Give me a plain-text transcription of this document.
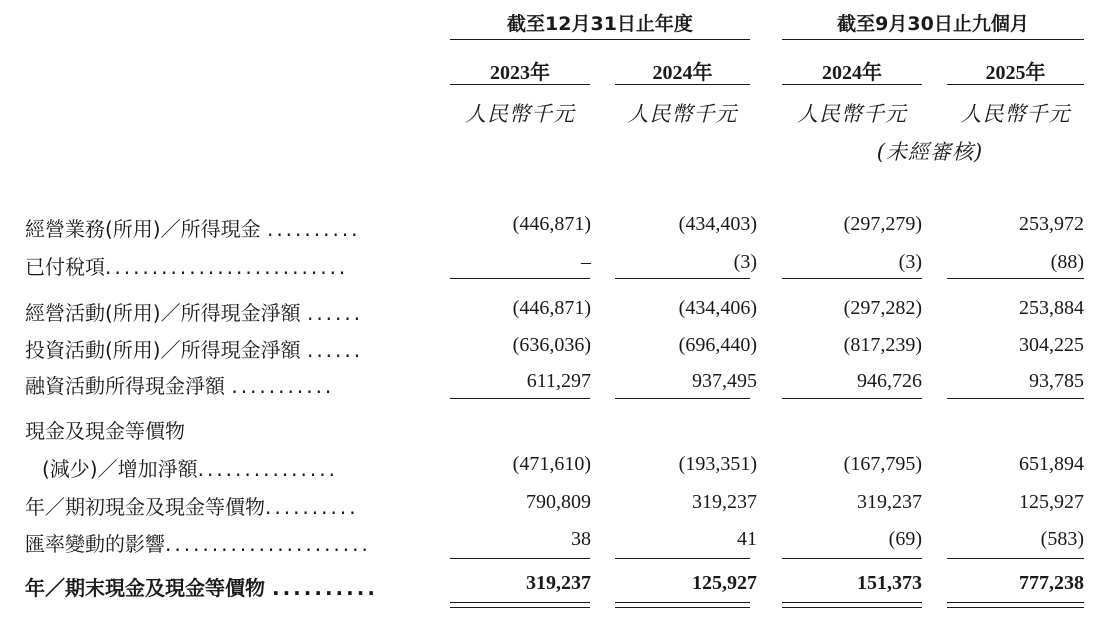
截至12月31日止年度	截至9月30日止九個月
2023年	2024年	2024年	2025年
人民幣千元	人民幣千元	人民幣千元	人民幣千元
(未經審核)
經營業務(所用)／所得現金 ..........	(446,871)	(434,403)	(297,279)	253,972
已付稅項..........................	–	(3)	(3)	(88)
經營活動(所用)／所得現金淨額 ......	(446,871)	(434,406)	(297,282)	253,884
投資活動(所用)／所得現金淨額 ......	(636,036)	(696,440)	(817,239)	304,225
融資活動所得現金淨額 ...........	611,297	937,495	946,726	93,785
現金及現金等價物
(減少)／增加淨額...............	(471,610)	(193,351)	(167,795)	651,894
年／期初現金及現金等價物..........	790,809	319,237	319,237	125,927
匯率變動的影響......................	38	41	(69)	(583)
年／期末現金及現金等價物 ..........	319,237	125,927	151,373	777,238
